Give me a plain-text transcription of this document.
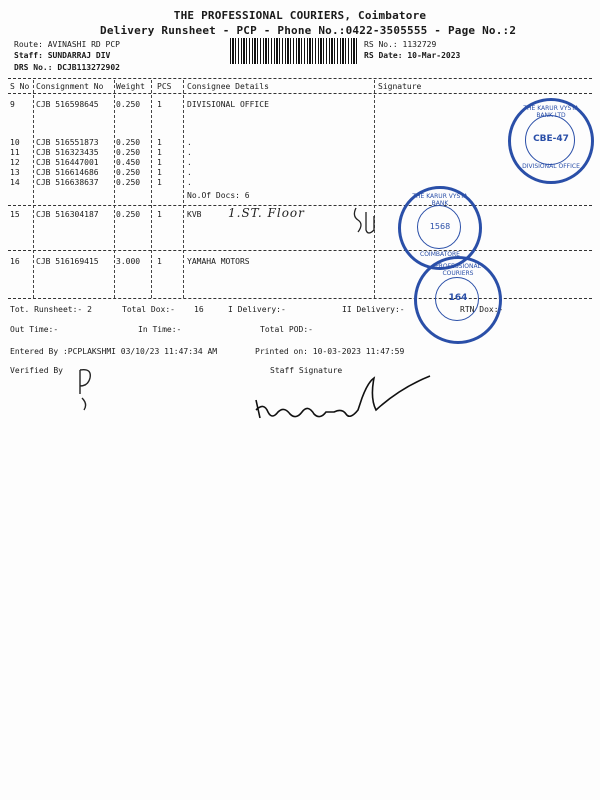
THE PROFESSIONAL COURIERS, Coimbatore
Delivery Runsheet - PCP - Phone No.:0422-3505555 - Page No.:2
Route: AVINASHI RD PCP
Staff: SUNDARRAJ DIV
DRS No.: DCJB113272902
RS No.: 1132729
RS Date: 10-Mar-2023
S No Consignment No Weight PCS Consignee Details	Signature
9	CJB 516598645 0.250 1	DIVISIONAL OFFICE
10 CJB 516551873 0.250 1	.
11 CJB 516323435 0.250 1	.
12 CJB 516447001 0.450 1	.
13 CJB 516614686 0.250 1	.
14 CJB 516638637 0.250 1	.
No.Of Docs: 6
15 CJB 516304187 0.250 1	KVB 1.ST. Floor
16 CJB 516169415 3.000 1	YAMAHA MOTORS
Tot. Runsheet:- 2	Total Dox:- 16	I Delivery:-	II Delivery:-	RTN Dox:-
Out Time:-	In Time:-	Total POD:-
Entered By :PCPLAKSHMI 03/10/23 11:47:34 AM	Printed on: 10-03-2023 11:47:59
Verified By	Staff Signature
THE KARUR VYSYA BANK LTD
CBE-47
DIVISIONAL OFFICE
THE KARUR VYSYA BANK
1568
COIMBATORE
PROFESSIONAL COURIERS
164
